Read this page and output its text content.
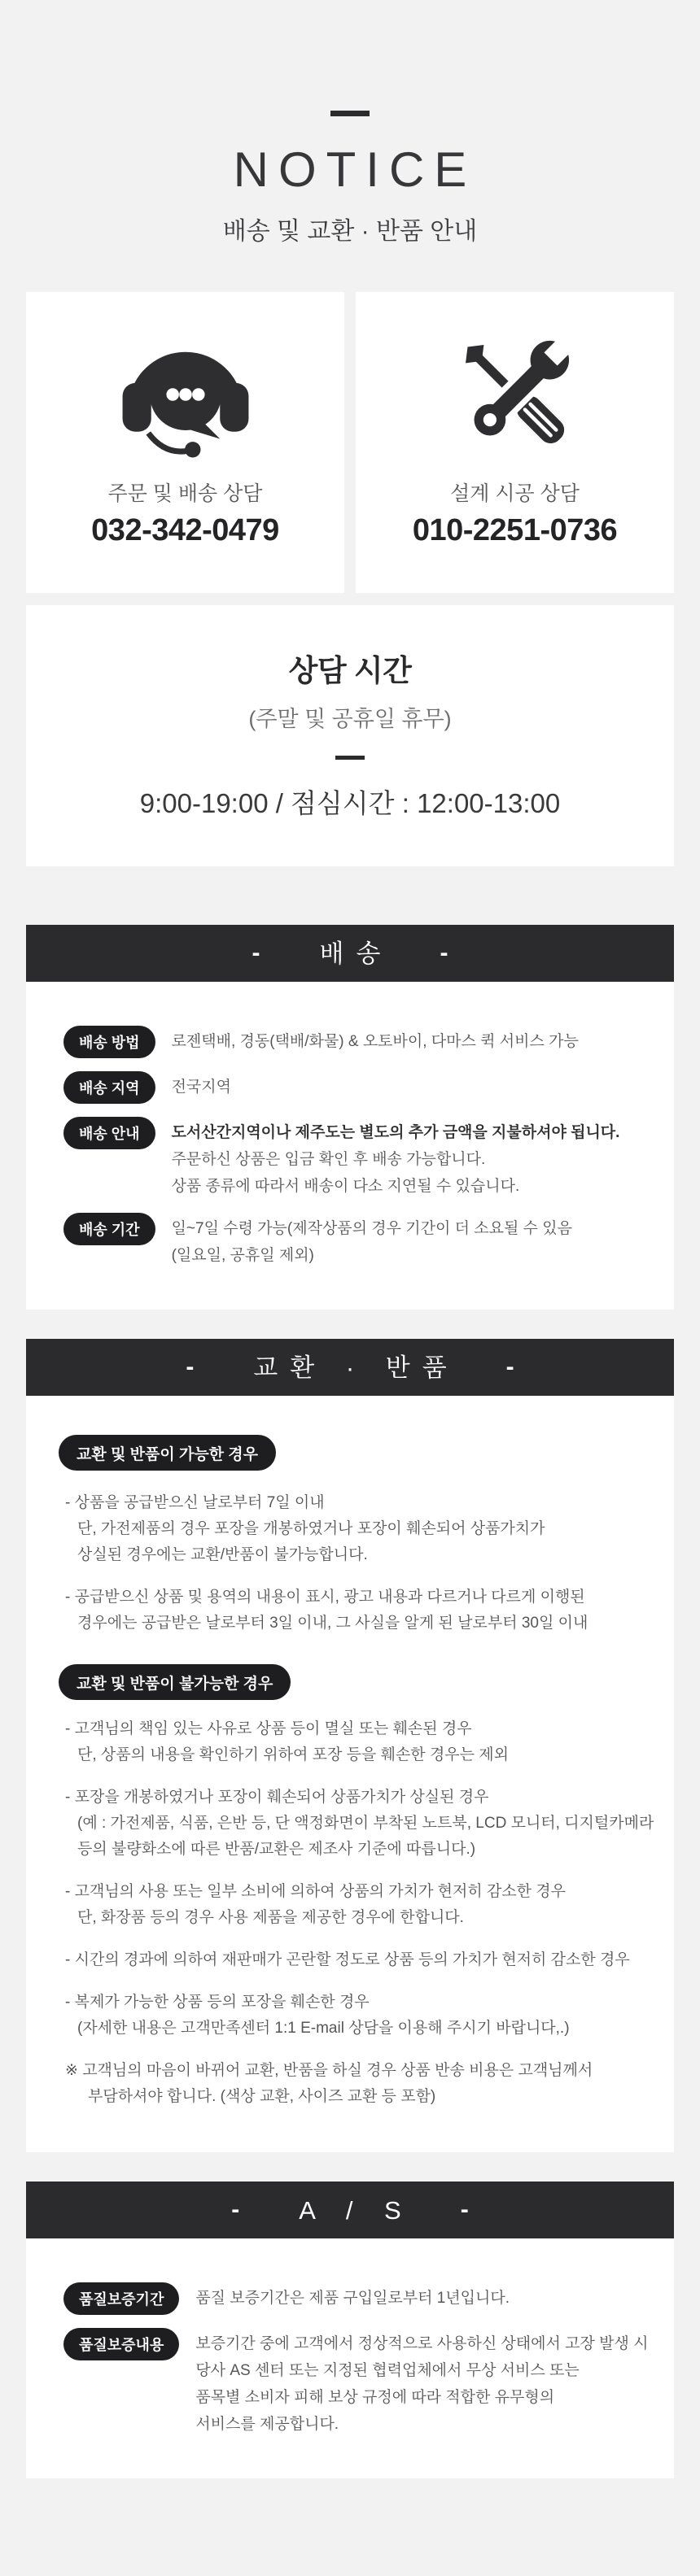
NOTICE
배송 및 교환 · 반품 안내
주문 및 배송 상담
032-342-0479
설계 시공 상담
010-2251-0736
상담 시간
(주말 및 공휴일 휴무)
9:00-19:00 / 점심시간 : 12:00-13:00
-	배송 -
배송 방법	로젠택배, 경동(택배/화물) & 오토바이, 다마스 퀵 서비스 가능
배송 지역	전국지역
배송 안내	도서산간지역이나 제주도는 별도의 추가 금액을 지불하셔야 됩니다.
주문하신 상품은 입금 확인 후 배송 가능합니다.
상품 종류에 따라서 배송이 다소 지연될 수 있습니다.
배송 기간	일~7일 수령 가능(제작상품의 경우 기간이 더 소요될 수 있음
(일요일, 공휴일 제외)
-	교환 · 반품 -
교환 및 반품이 가능한 경우
- 상품을 공급받으신 날로부터 7일 이내
단, 가전제품의 경우 포장을 개봉하였거나 포장이 훼손되어 상품가치가
상실된 경우에는 교환/반품이 불가능합니다.
- 공급받으신 상품 및 용역의 내용이 표시, 광고 내용과 다르거나 다르게 이행된
경우에는 공급받은 날로부터 3일 이내, 그 사실을 알게 된 날로부터 30일 이내
교환 및 반품이 불가능한 경우
- 고객님의 책임 있는 사유로 상품 등이 멸실 또는 훼손된 경우
단, 상품의 내용을 확인하기 위하여 포장 등을 훼손한 경우는 제외
- 포장을 개봉하였거나 포장이 훼손되어 상품가치가 상실된 경우
(예 : 가전제품, 식품, 은반 등, 단 액정화면이 부착된 노트북, LCD 모니터, 디지털카메라
등의 불량화소에 따른 반품/교환은 제조사 기준에 따릅니다.)
- 고객님의 사용 또는 일부 소비에 의하여 상품의 가치가 현저히 감소한 경우
단, 화장품 등의 경우 사용 제품을 제공한 경우에 한합니다.
- 시간의 경과에 의하여 재판매가 곤란할 정도로 상품 등의 가치가 현저히 감소한 경우
- 복제가 가능한 상품 등의 포장을 훼손한 경우
(자세한 내용은 고객만족센터 1:1 E-mail 상담을 이용해 주시기 바랍니다,.)
※ 고객님의 마음이 바뀌어 교환, 반품을 하실 경우 상품 반송 비용은 고객님께서
부담하셔야 합니다. (색상 교환, 사이즈 교환 등 포함)
-	A / S -
품질보증기간	품질 보증기간은 제품 구입일로부터 1년입니다.
품질보증내용	보증기간 중에 고객에서 정상적으로 사용하신 상태에서 고장 발생 시
당사 AS 센터 또는 지정된 협력업체에서 무상 서비스 또는
품목별 소비자 피해 보상 규정에 따라 적합한 유무형의
서비스를 제공합니다.
